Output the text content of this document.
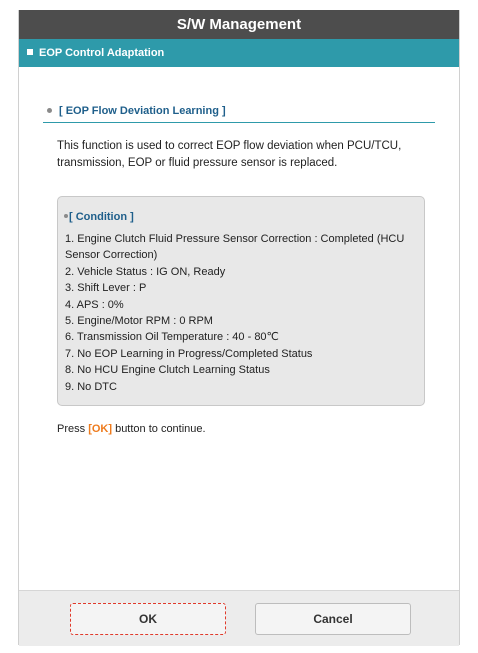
S/W Management
EOP Control Adaptation
[ EOP Flow Deviation Learning ]
This function is used to correct EOP flow deviation when PCU/TCU, transmission, EOP or fluid pressure sensor is replaced.
[ Condition ]
1. Engine Clutch Fluid Pressure Sensor Correction : Completed (HCU Sensor Correction)
2. Vehicle Status : IG ON, Ready
3. Shift Lever : P
4. APS : 0%
5. Engine/Motor RPM : 0 RPM
6. Transmission Oil Temperature : 40 - 80℃
7. No EOP Learning in Progress/Completed Status
8. No HCU Engine Clutch Learning Status
9. No DTC
Press [OK] button to continue.
OK	Cancel
